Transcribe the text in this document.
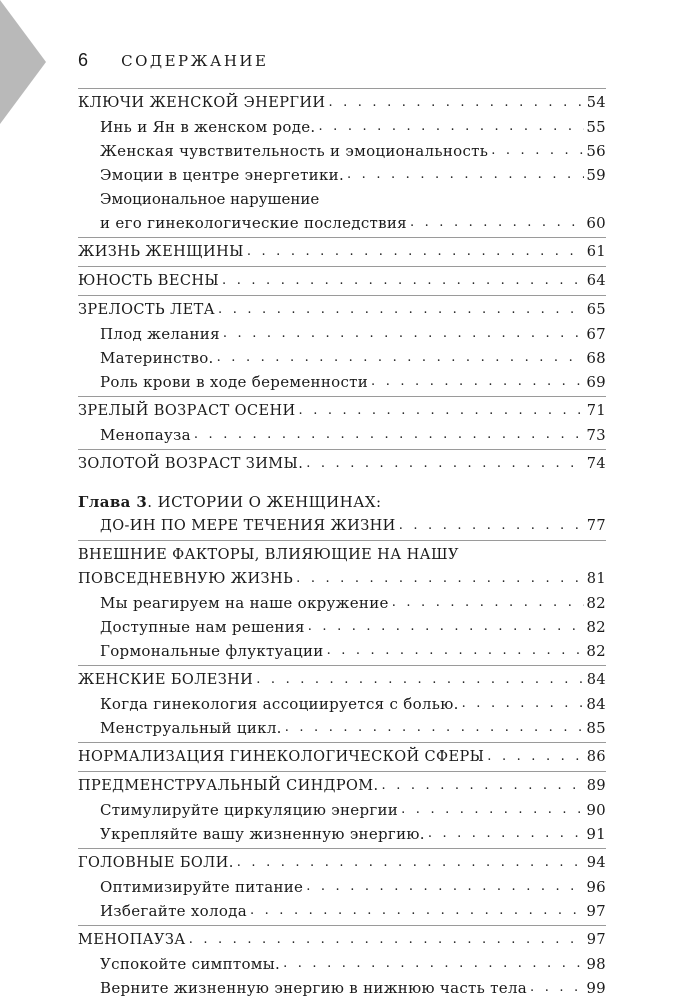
6 СОДЕРЖАНИЕ
КЛЮЧИ ЖЕНСКОЙ ЭНЕРГИИ . . .	54
Инь и Ян в женском роде. . . .	55
Женская чувствительность и эмоциональность . . .	56
Эмоции в центре энергетики. . . .	59
Эмоциональное нарушение
и его гинекологические последствия . . .	60
ЖИЗНЬ ЖЕНЩИНЫ . . .	61
ЮНОСТЬ ВЕСНЫ . . .	64
ЗРЕЛОСТЬ ЛЕТА . . .	65
Плод желания . . .	67
Материнство. . . .	68
Роль крови в ходе беременности . . .	69
ЗРЕЛЫЙ ВОЗРАСТ ОСЕНИ . . .	71
Менопауза . . .	73
ЗОЛОТОЙ ВОЗРАСТ ЗИМЫ. . . .	74
Глава 3. ИСТОРИИ О ЖЕНЩИНАХ:
ДО-ИН ПО МЕРЕ ТЕЧЕНИЯ ЖИЗНИ . . .	77
ВНЕШНИЕ ФАКТОРЫ, ВЛИЯЮЩИЕ НА НАШУ
ПОВСЕДНЕВНУЮ ЖИЗНЬ . . .	81
Мы реагируем на наше окружение . . .	82
Доступные нам решения . . .	82
Гормональные флуктуации . . .	82
ЖЕНСКИЕ БОЛЕЗНИ . . .	84
Когда гинекология ассоциируется с болью. . . .	84
Менструальный цикл. . . .	85
НОРМАЛИЗАЦИЯ ГИНЕКОЛОГИЧЕСКОЙ СФЕРЫ . . .	86
ПРЕДМЕНСТРУАЛЬНЫЙ СИНДРОМ. . . .	89
Стимулируйте циркуляцию энергии . . .	90
Укрепляйте вашу жизненную энергию. . . .	91
ГОЛОВНЫЕ БОЛИ. . . .	94
Оптимизируйте питание . . .	96
Избегайте холода . . .	97
МЕНОПАУЗА . . .	97
Успокойте симптомы. . . .	98
Верните жизненную энергию в нижнюю часть тела . . .	99
